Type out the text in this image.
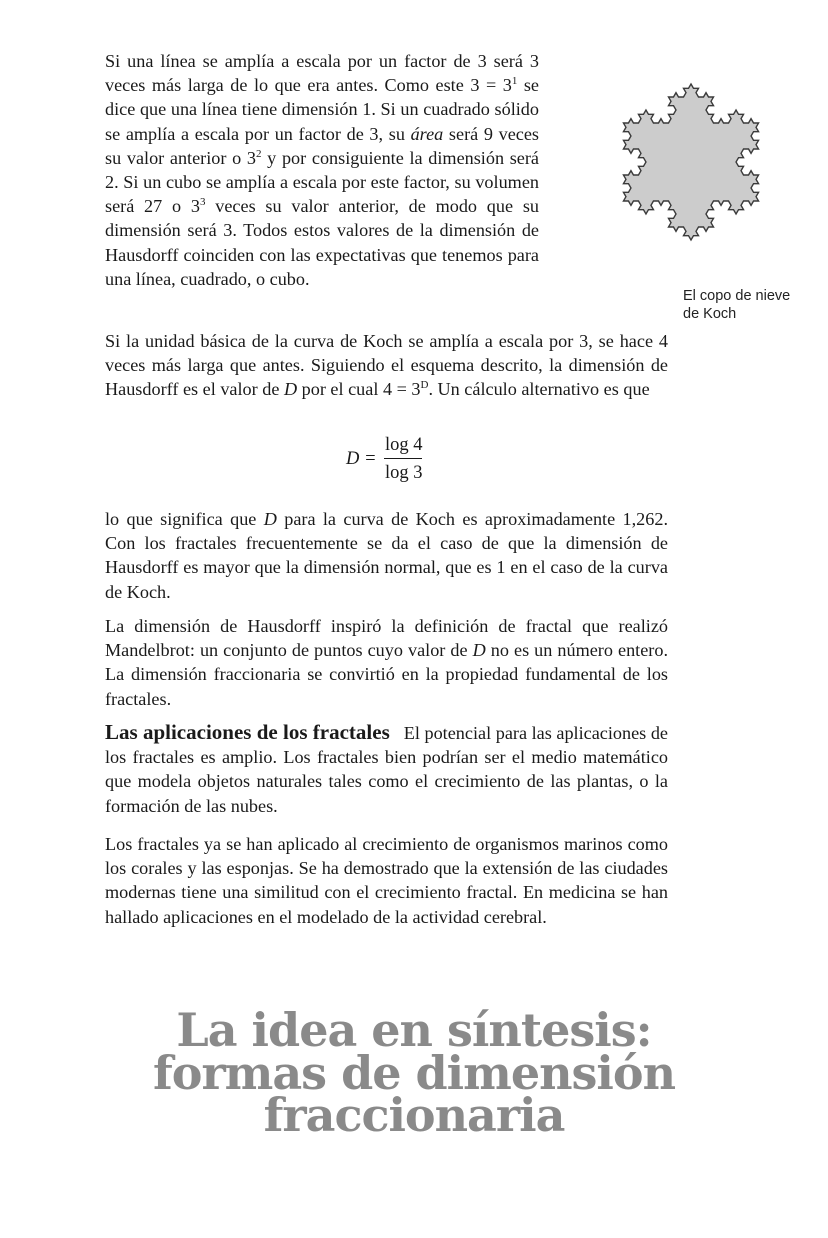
Si una línea se amplía a escala por un factor de 3 será 3 veces más larga de lo que era antes. Como este $3 = 3^1$ se dice que una línea tiene dimensión 1. Si un cuadrado sólido se amplía a escala por un factor de 3, su área será 9 veces su valor anterior o $3^2$ y por consiguiente la dimensión será 2. Si un cubo se amplía a escala por este factor, su volumen será 27 o $3^3$ veces su valor anterior, de modo que su dimensión será 3. Todos estos valores de la dimensión de Hausdorff coinciden con las expectativas que tenemos para una línea, cuadrado, o cubo.

El copo de nieve de Koch

Si la unidad básica de la curva de Koch se amplía a escala por 3, se hace 4 veces más larga que antes. Siguiendo el esquema descrito, la dimensión de Hausdorff es el valor de D por el cual $4 = 3^D$. Un cálculo alternativo es que

D =
log 4
log 3

lo que significa que D para la curva de Koch es aproximadamente 1,262. Con los fractales frecuentemente se da el caso de que la dimensión de Hausdorff es mayor que la dimensión normal, que es 1 en el caso de la curva de Koch.

La dimensión de Hausdorff inspiró la definición de fractal que realizó Mandelbrot: un conjunto de puntos cuyo valor de D no es un número entero. La dimensión fraccionaria se convirtió en la propiedad fundamental de los fractales.

Las aplicaciones de los fractales El potencial para las aplicaciones de los fractales es amplio. Los fractales bien podrían ser el medio matemático que modela objetos naturales tales como el crecimiento de las plantas, o la formación de las nubes.

Los fractales ya se han aplicado al crecimiento de organismos marinos como los corales y las esponjas. Se ha demostrado que la extensión de las ciudades modernas tiene una similitud con el crecimiento fractal. En medicina se han hallado aplicaciones en el modelado de la actividad cerebral.

La idea en síntesis:
formas de dimensión
fraccionaria
